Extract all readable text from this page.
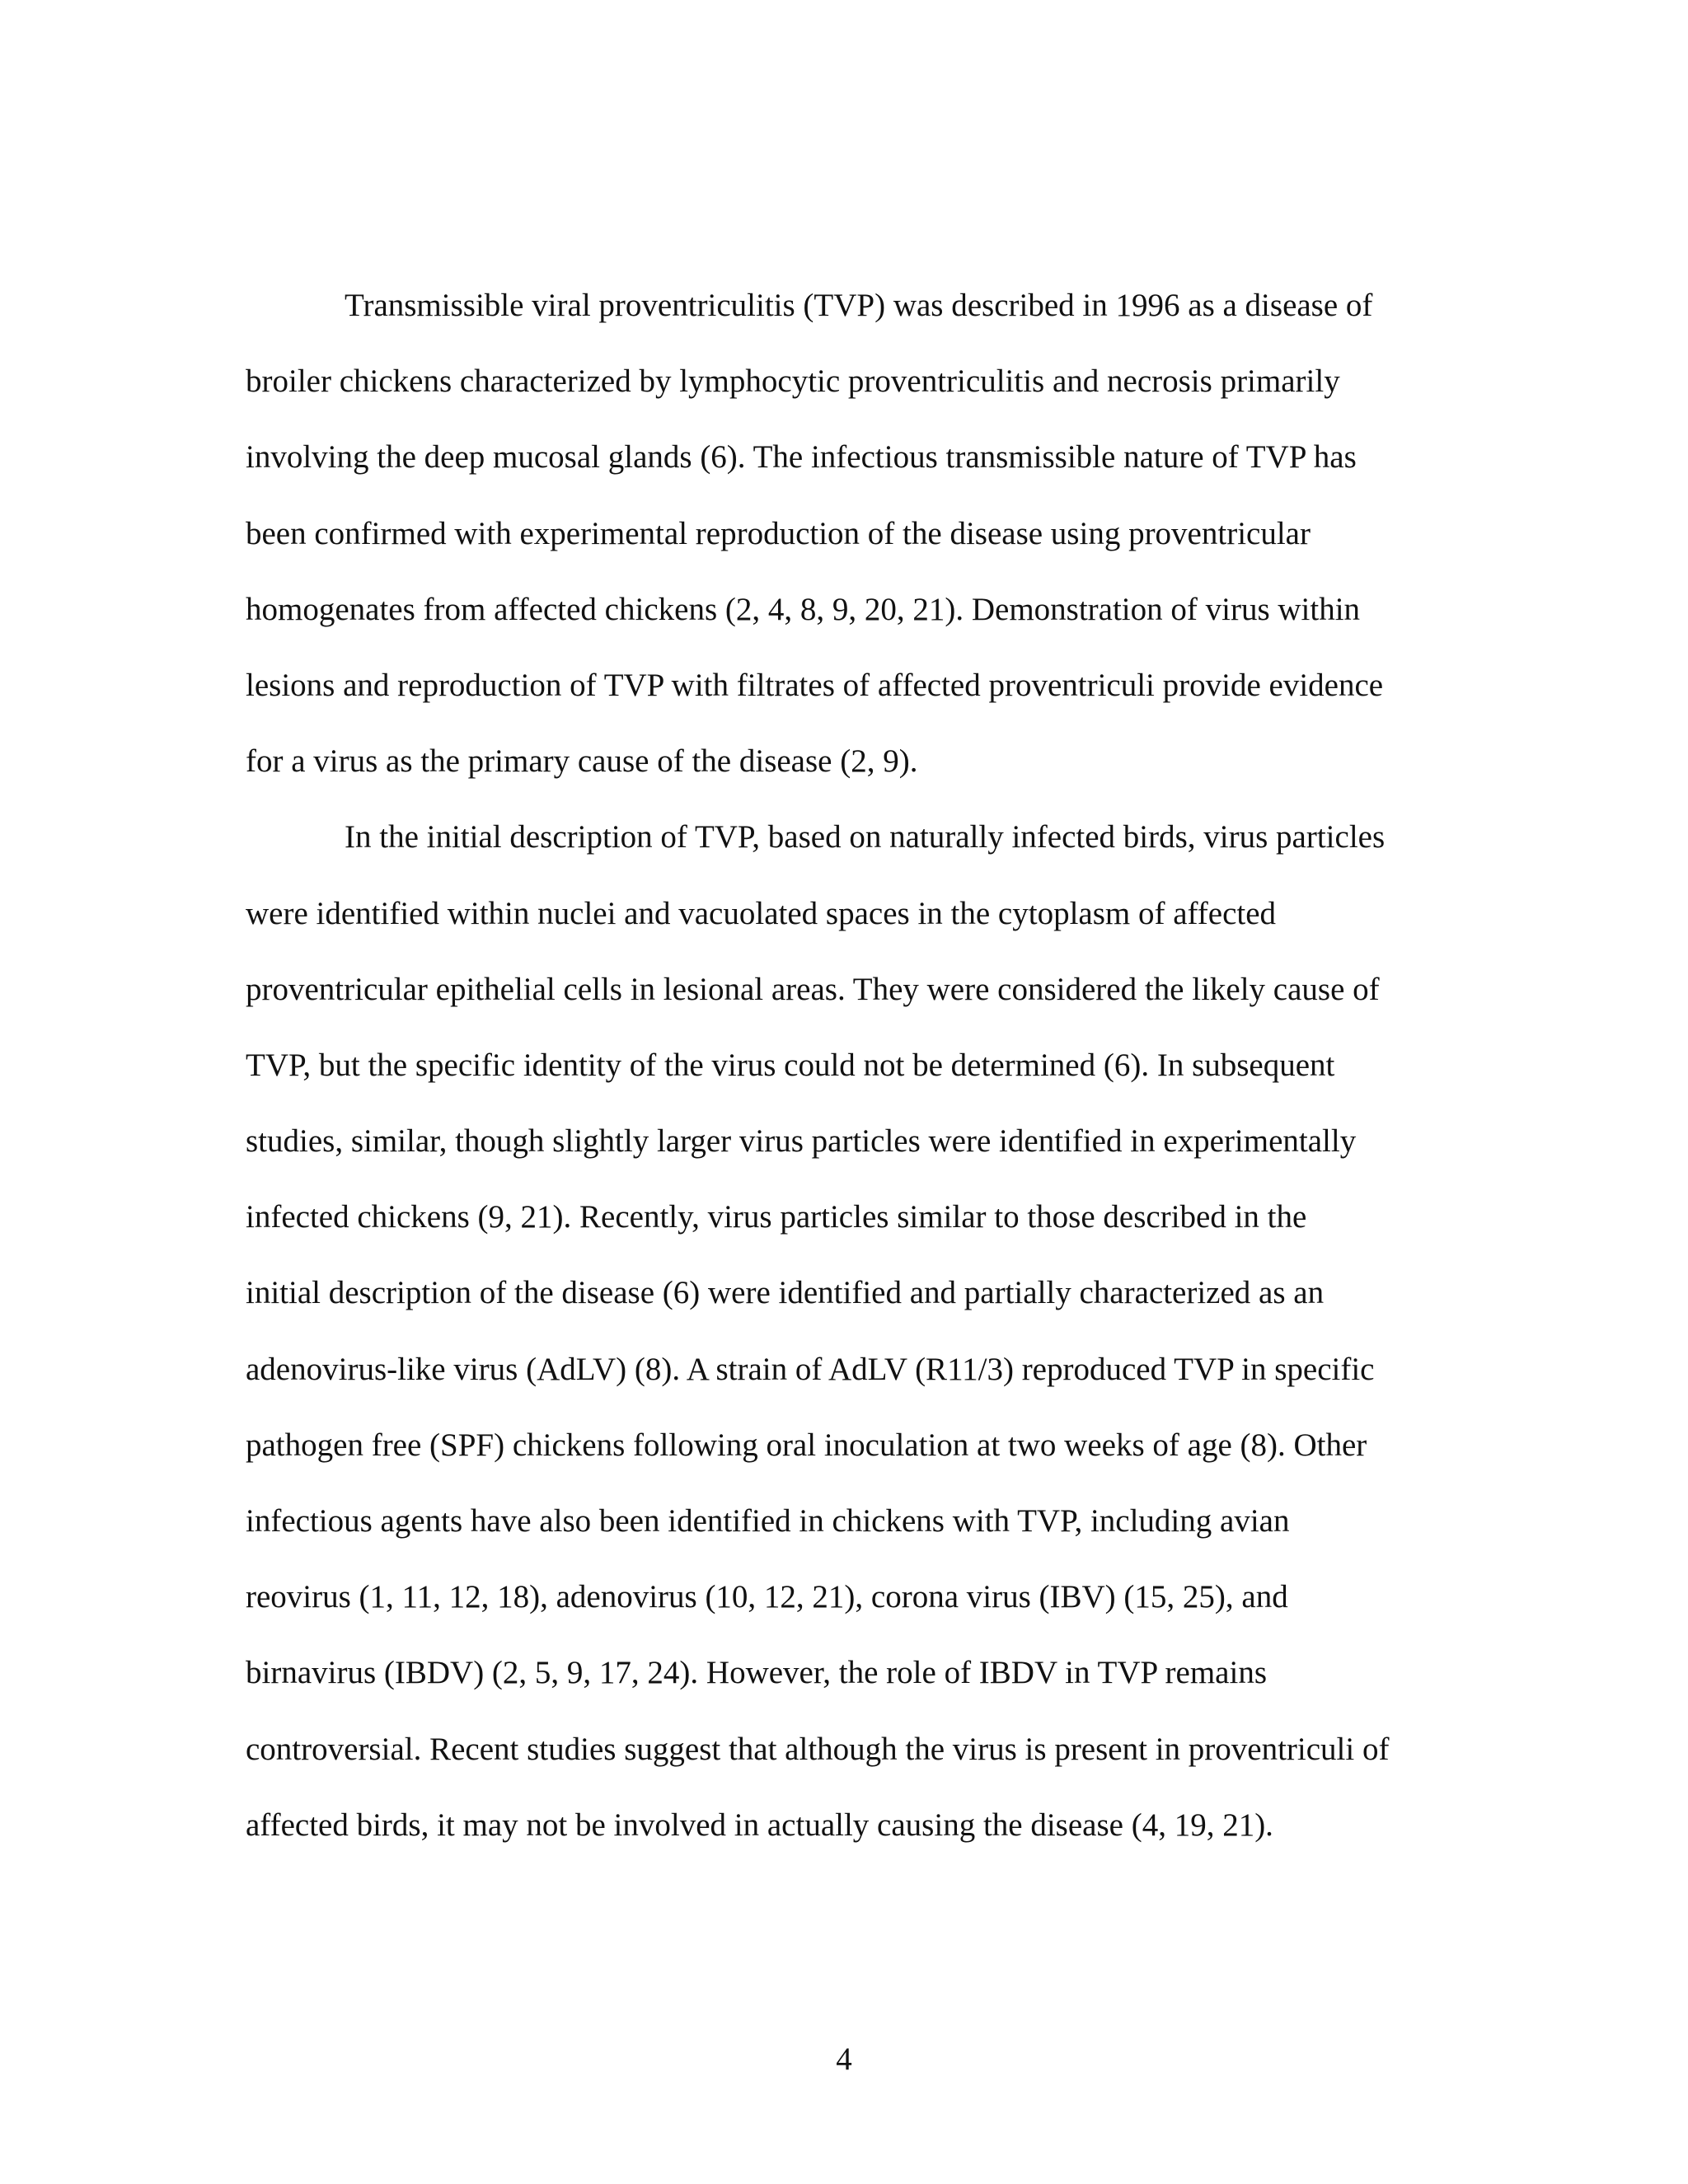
Transmissible viral proventriculitis (TVP) was described in 1996 as a disease of
broiler chickens characterized by lymphocytic proventriculitis and necrosis primarily
involving the deep mucosal glands (6). The infectious transmissible nature of TVP has
been confirmed with experimental reproduction of the disease using proventricular
homogenates from affected chickens (2, 4, 8, 9, 20, 21). Demonstration of virus within
lesions and reproduction of TVP with filtrates of affected proventriculi provide evidence
for a virus as the primary cause of the disease (2, 9).
In the initial description of TVP, based on naturally infected birds, virus particles
were identified within nuclei and vacuolated spaces in the cytoplasm of affected
proventricular epithelial cells in lesional areas. They were considered the likely cause of
TVP, but the specific identity of the virus could not be determined (6). In subsequent
studies, similar, though slightly larger virus particles were identified in experimentally
infected chickens (9, 21). Recently, virus particles similar to those described in the
initial description of the disease (6) were identified and partially characterized as an
adenovirus-like virus (AdLV) (8). A strain of AdLV (R11/3) reproduced TVP in specific
pathogen free (SPF) chickens following oral inoculation at two weeks of age (8). Other
infectious agents have also been identified in chickens with TVP, including avian
reovirus (1, 11, 12, 18), adenovirus (10, 12, 21), corona virus (IBV) (15, 25), and
birnavirus (IBDV) (2, 5, 9, 17, 24). However, the role of IBDV in TVP remains
controversial. Recent studies suggest that although the virus is present in proventriculi of
affected birds, it may not be involved in actually causing the disease (4, 19, 21).
4
